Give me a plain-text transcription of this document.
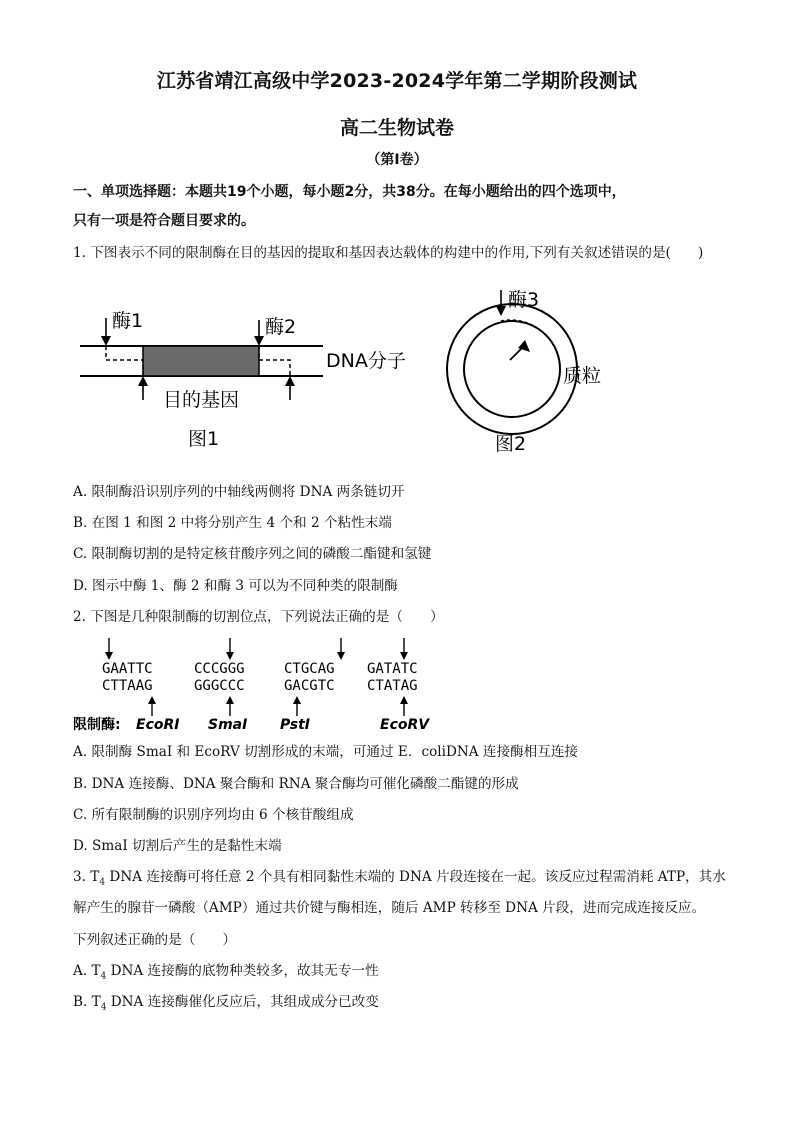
江苏省靖江高级中学2023-2024学年第二学期阶段测试
高二生物试卷
（第Ⅰ卷）
一、单项选择题：本题共19个小题，每小题2分，共38分。在每小题给出的四个选项中，
只有一项是符合题目要求的。
1. 下图表示不同的限制酶在目的基因的提取和基因表达载体的构建中的作用,下列有关叙述错误的是(　　)
酶1	酶2
DNA分子
目的基因
图1
酶3
质粒
图2
A. 限制酶沿识别序列的中轴线两侧将 DNA 两条链切开
B. 在图 1 和图 2 中将分别产生 4 个和 2 个粘性末端
C. 限制酶切割的是特定核苷酸序列之间的磷酸二酯键和氢键
D. 图示中酶 1、酶 2 和酶 3 可以为不同种类的限制酶
2. 下图是几种限制酶的切割位点，下列说法正确的是（　　）
GAATTC
CTTAAG
CCCGGG
GGGCCC
CTGCAG
GACGTC
GATATC
CTATAG
限制酶: EcoRⅠ SmaⅠ PstⅠ	EcoRⅤ
A. 限制酶 SmaI 和 EcoRV 切割形成的末端，可通过 E．coliDNA 连接酶相互连接
B. DNA 连接酶、DNA 聚合酶和 RNA 聚合酶均可催化磷酸二酯键的形成
C. 所有限制酶的识别序列均由 6 个核苷酸组成
D. SmaI 切割后产生的是黏性末端
3. $T_4$ DNA 连接酶可将任意 2 个具有相同黏性末端的 DNA 片段连接在一起。该反应过程需消耗 ATP，其水
解产生的腺苷一磷酸（AMP）通过共价键与酶相连，随后 AMP 转移至 DNA 片段，进而完成连接反应。
下列叙述正确的是（　　）
A. $T_4$ DNA 连接酶的底物种类较多，故其无专一性
B. $T_4$ DNA 连接酶催化反应后，其组成成分已改变
